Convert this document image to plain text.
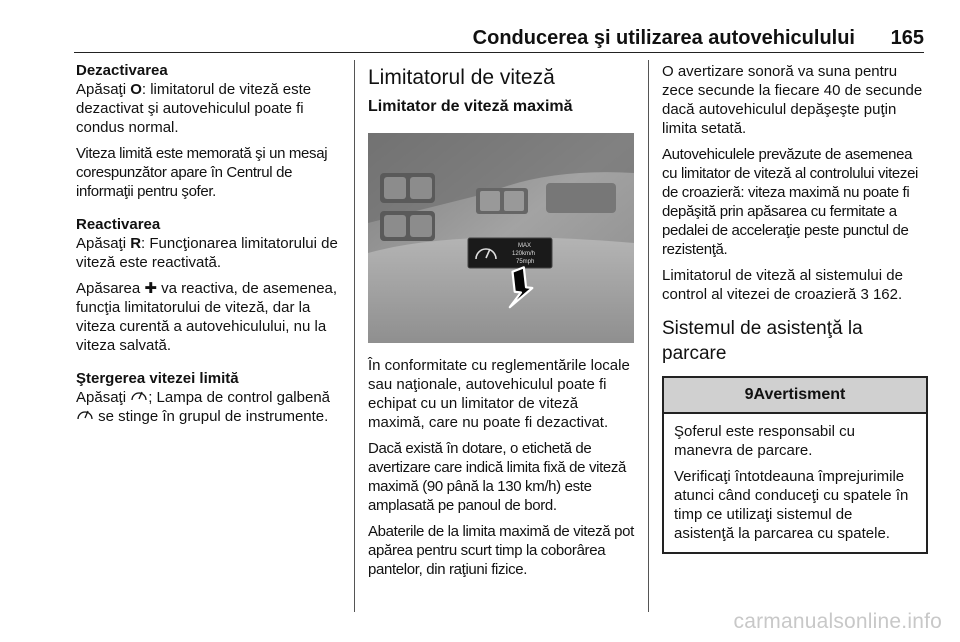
Conducerea şi utilizarea autovehiculului 165
Dezactivarea

Apăsaţi O: limitatorul de viteză este dezactivat şi autovehiculul poate fi condus normal.

Viteza limită este memorată şi un mesaj corespunzător apare în Centrul de informaţii pentru şofer.

Reactivarea

Apăsaţi R: Funcţionarea limitatorului de viteză este reactivată.

Apăsarea ✚ va reactiva, de asemenea, funcţia limitatorului de viteză, dar la viteza curentă a autovehiculului, nu la viteza salvată.

Ştergerea vitezei limită

Apăsaţi ; Lampa de control galbenă  se stinge în grupul de instrumente.

Limitatorul de viteză
Limitator de viteză maximă
MAX
120km/h
75mph

În conformitate cu reglementările locale sau naţionale, autovehiculul poate fi echipat cu un limitator de viteză maximă, care nu poate fi dezactivat.

Dacă există în dotare, o etichetă de avertizare care indică limita fixă de viteză maximă (90 până la 130 km/h) este amplasată pe panoul de bord.

Abaterile de la limita maximă de viteză pot apărea pentru scurt timp la coborârea pantelor, din raţiuni fizice.

O avertizare sonoră va suna pentru zece secunde la fiecare 40 de secunde dacă autovehiculul depăşeşte puţin limita setată.

Autovehiculele prevăzute de asemenea cu limitator de viteză al controlului vitezei de croazieră: viteza maximă nu poate fi depăşită prin apăsarea cu fermitate a pedalei de acceleraţie peste punctul de rezistenţă.

Limitatorul de viteză al sistemului de control al vitezei de croazieră 3 162.

Sistemul de asistenţă la parcare
9Avertisment

Şoferul este responsabil cu manevra de parcare.

Verificaţi întotdeauna împrejurimile atunci când conduceţi cu spatele în timp ce utilizaţi sistemul de asistenţă la parcarea cu spatele.

carmanualsonline.info
